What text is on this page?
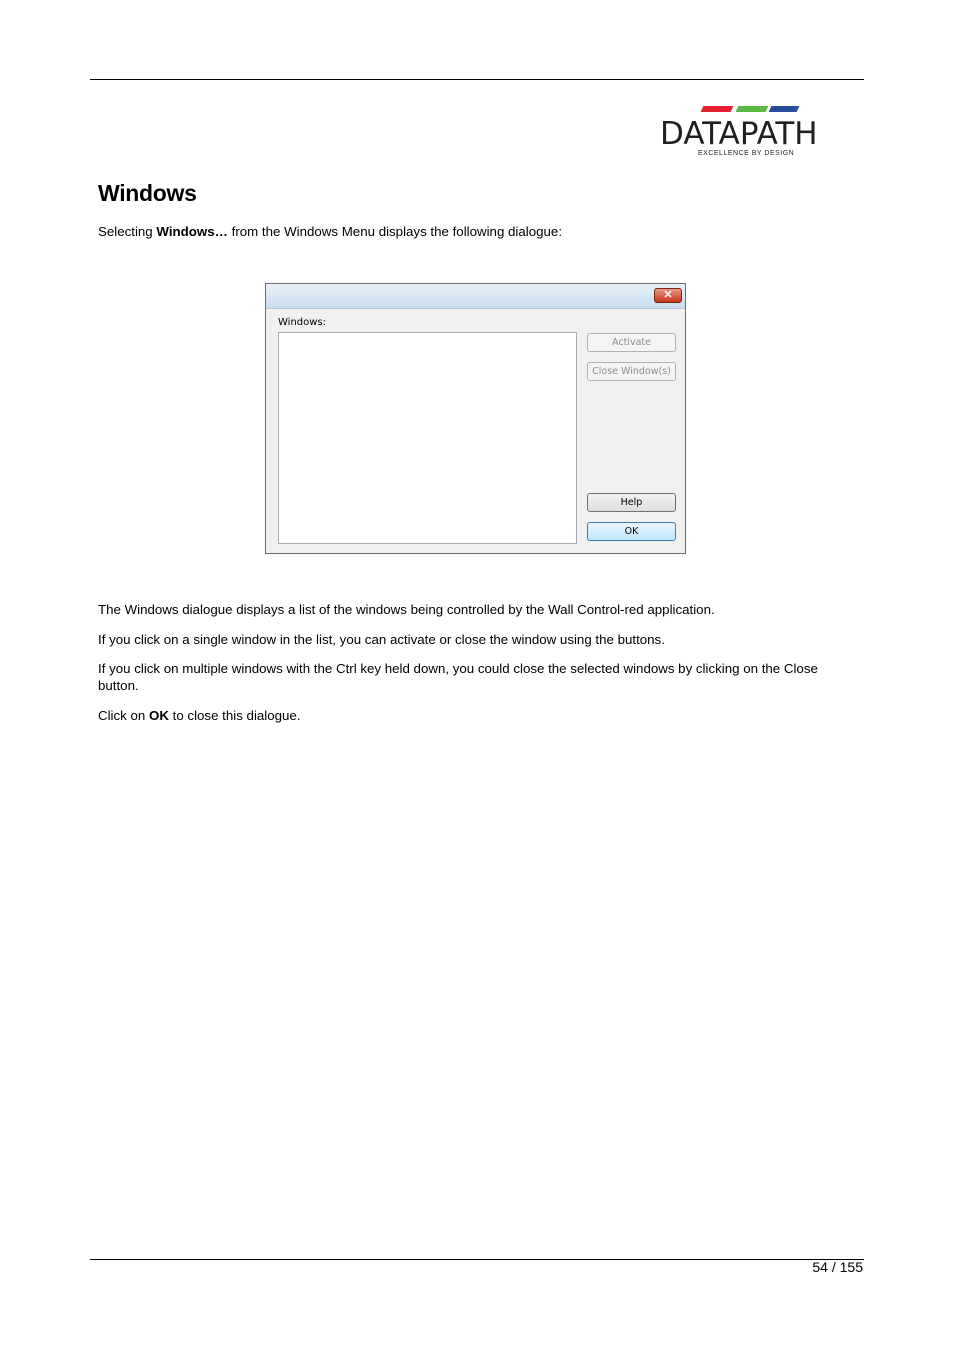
DATAPATH
EXCELLENCE BY DESIGN
Windows

Selecting Windows… from the Windows Menu displays the following dialogue:

✕
Windows:
Activate
Close Window(s)
Help
OK

The Windows dialogue displays a list of the windows being controlled by the Wall Control-red application.

If you click on a single window in the list, you can activate or close the window using the buttons.

If you click on multiple windows with the Ctrl key held down, you could close the selected windows by clicking on the Close button.

Click on OK to close this dialogue.

54 / 155
